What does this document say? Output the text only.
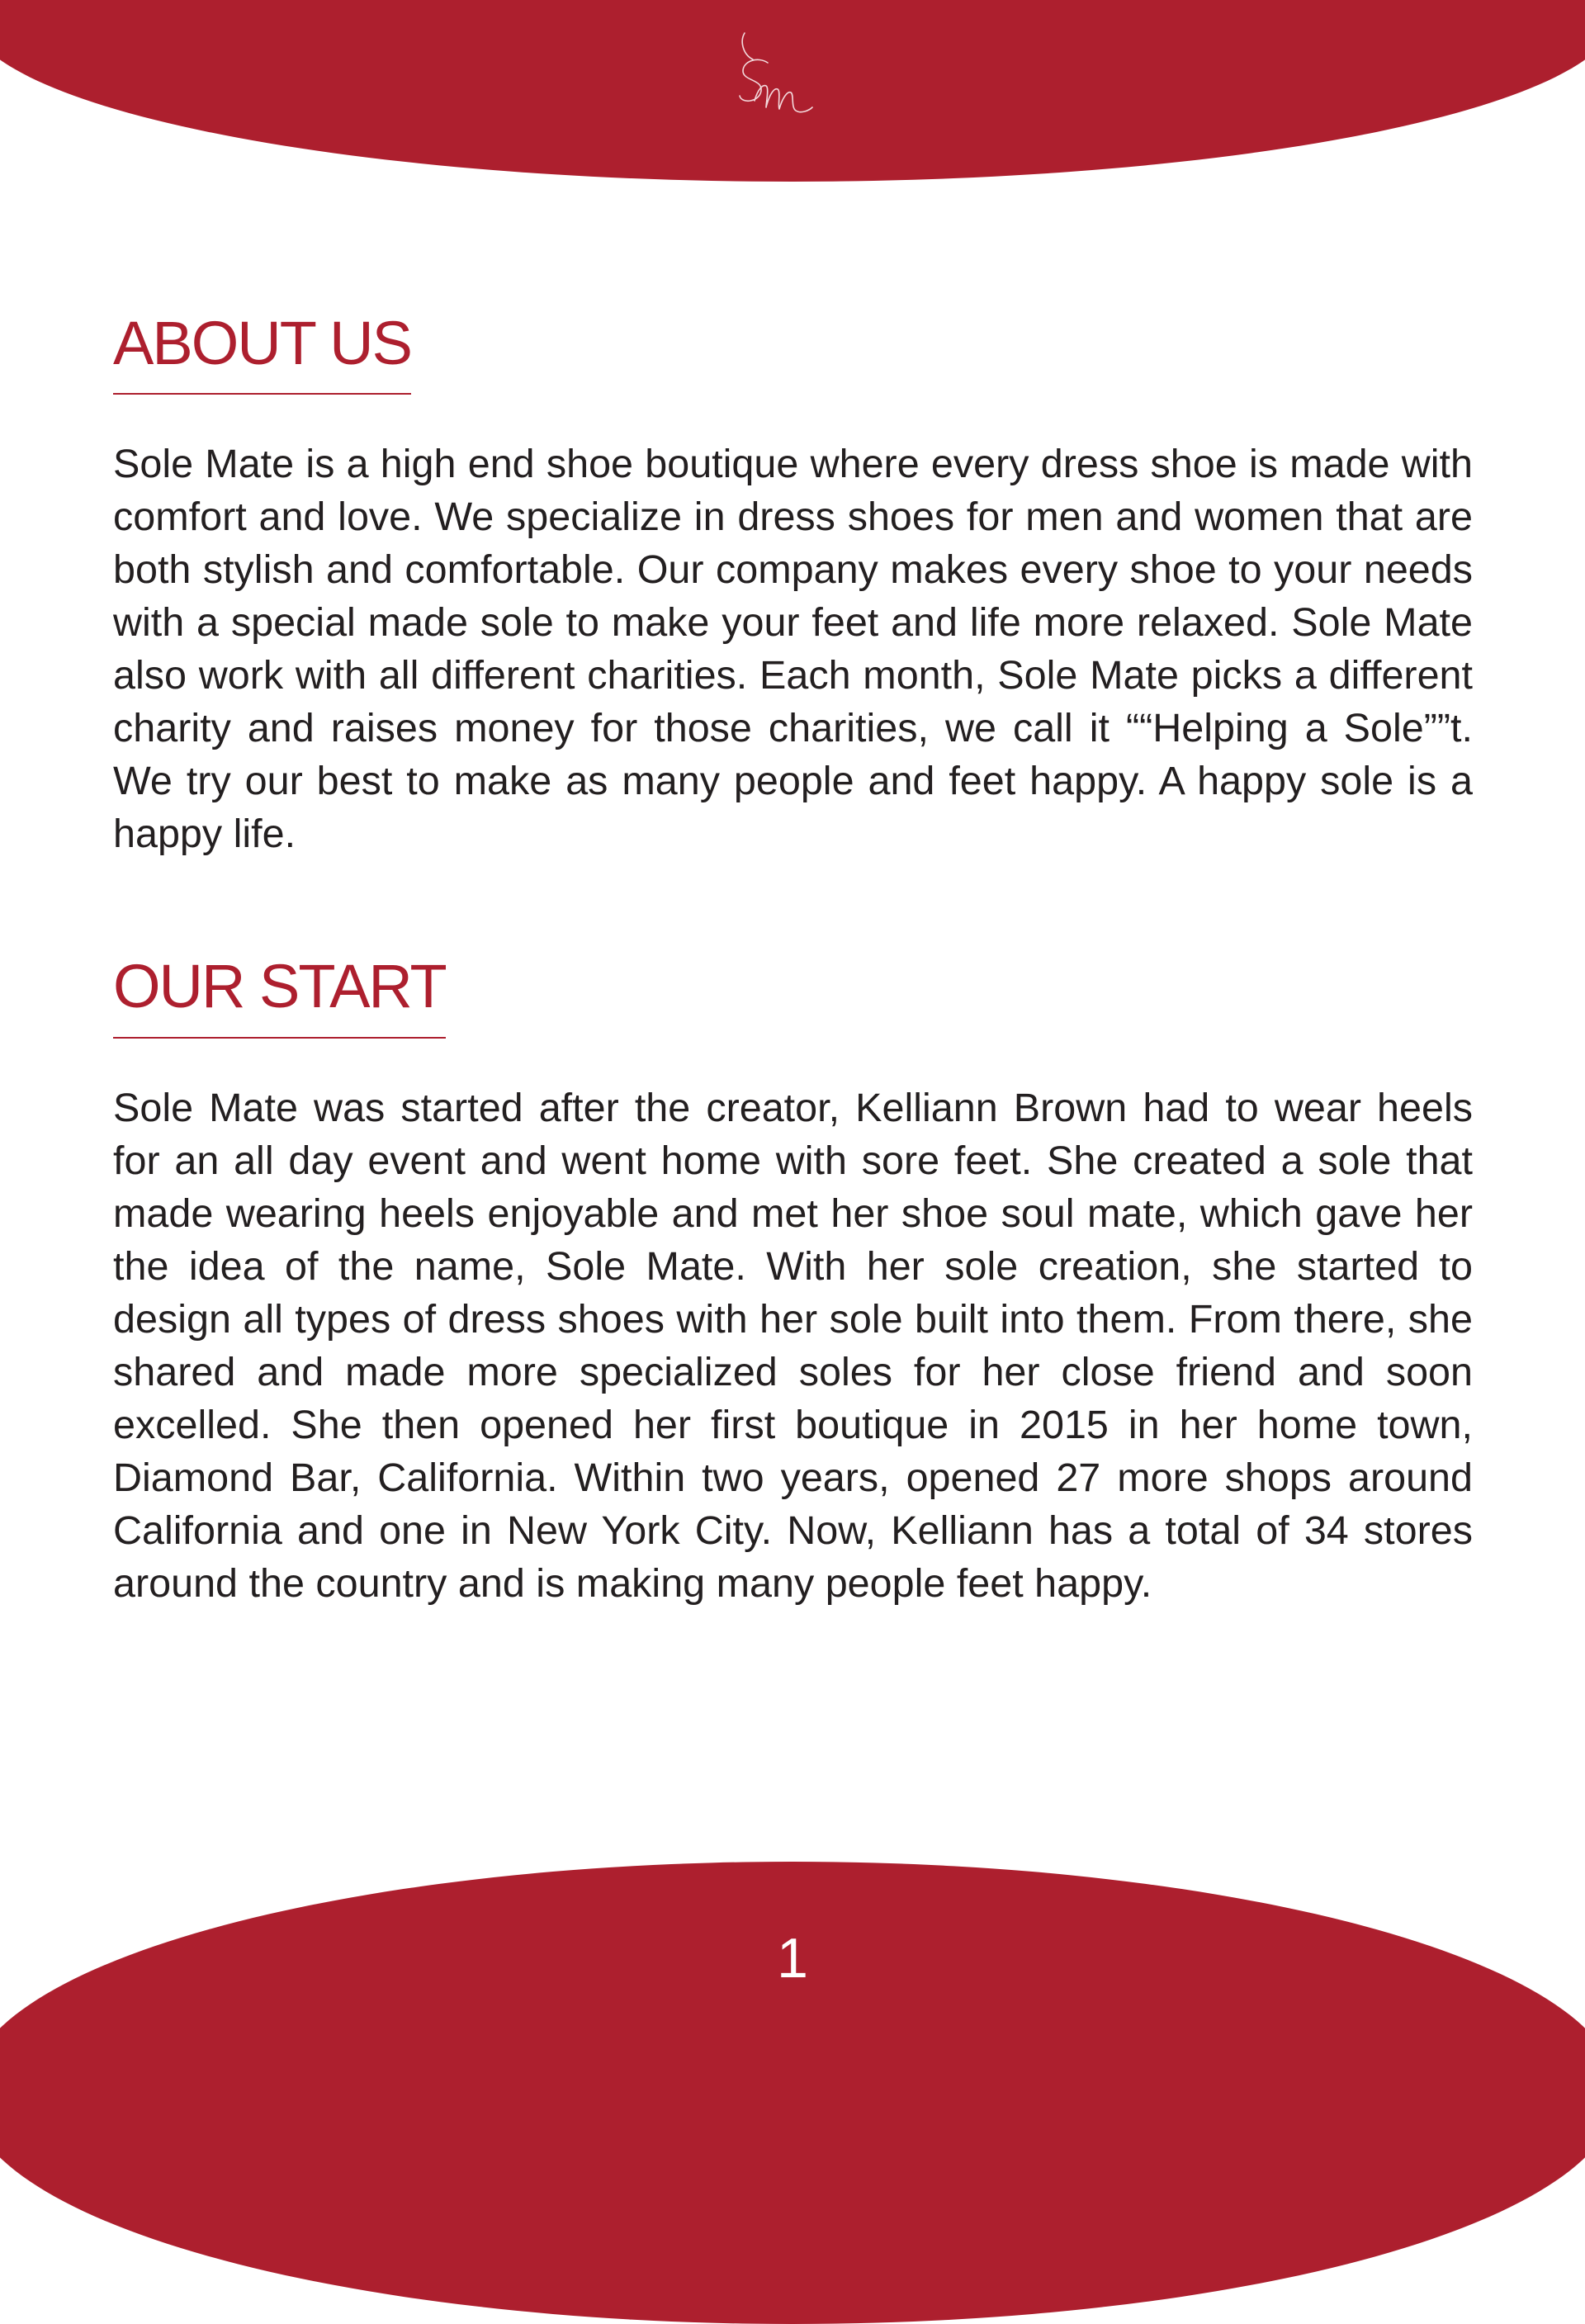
ABOUT US

Sole Mate is a high end shoe boutique where every dress shoe is made with comfort and love. We specialize in dress shoes for men and women that are both stylish and comfortable. Our company makes every shoe to your needs with a special made sole to make your feet and life more relaxed. Sole Mate also work with all different charities. Each month, Sole Mate picks a different charity and raises money for those charities, we call it ““Helping a Sole””t. We try our best to make as many people and feet happy. A happy sole is a happy life.

OUR START

Sole Mate was started after the creator, Kelliann Brown had to wear heels for an all day event and went home with sore feet. She created a sole that made wearing heels enjoyable and met her shoe soul mate, which gave her the idea of the name, Sole Mate. With her sole creation, she started to design all types of dress shoes with her sole built into them. From there, she shared and made more specialized soles for her close friend and soon excelled. She then opened her first boutique in 2015 in her home town, Diamond Bar, California. Within two years, opened 27 more shops around California and one in New York City. Now, Kelliann has a total of 34 stores around the country and is making many people feet happy.

1
